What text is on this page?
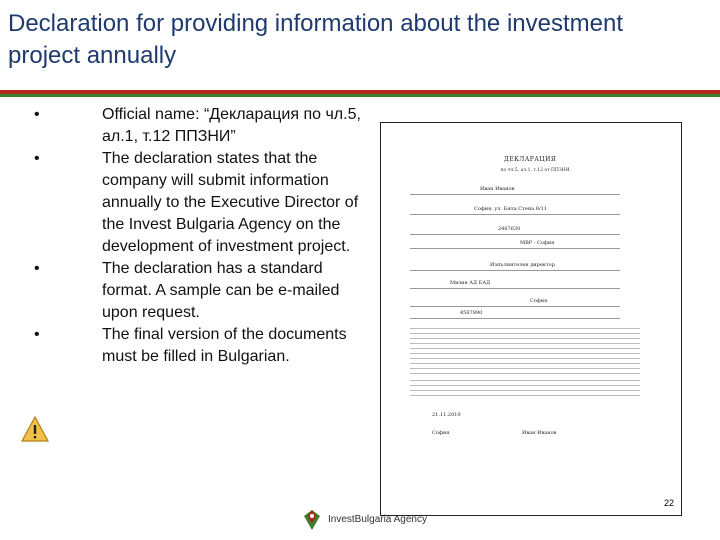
Declaration for providing information about the investment project annually
•	Official name: “Декларация по чл.5, ал.1, т.12 ППЗНИ”
•	The declaration states that the company will submit information annually to the Executive Director of the Invest Bulgaria Agency on the development of investment project.
•	The declaration has a standard format. A sample can be e-mailed upon request.
•	The final version of the documents must be filled in Bulgarian.
ДЕКЛАРАЦИЯ
по чл.5, ал.1, т.12 от ППЗНИ
Иван Иванов
София, ул. Бяла Стена 8/11
2467630
МВР - София
Изпълнителен директор
Мизия АД ЕАД
София
4567890
21.11.2010
София	Иван Иванов
22
InvestBulgaria Agency
